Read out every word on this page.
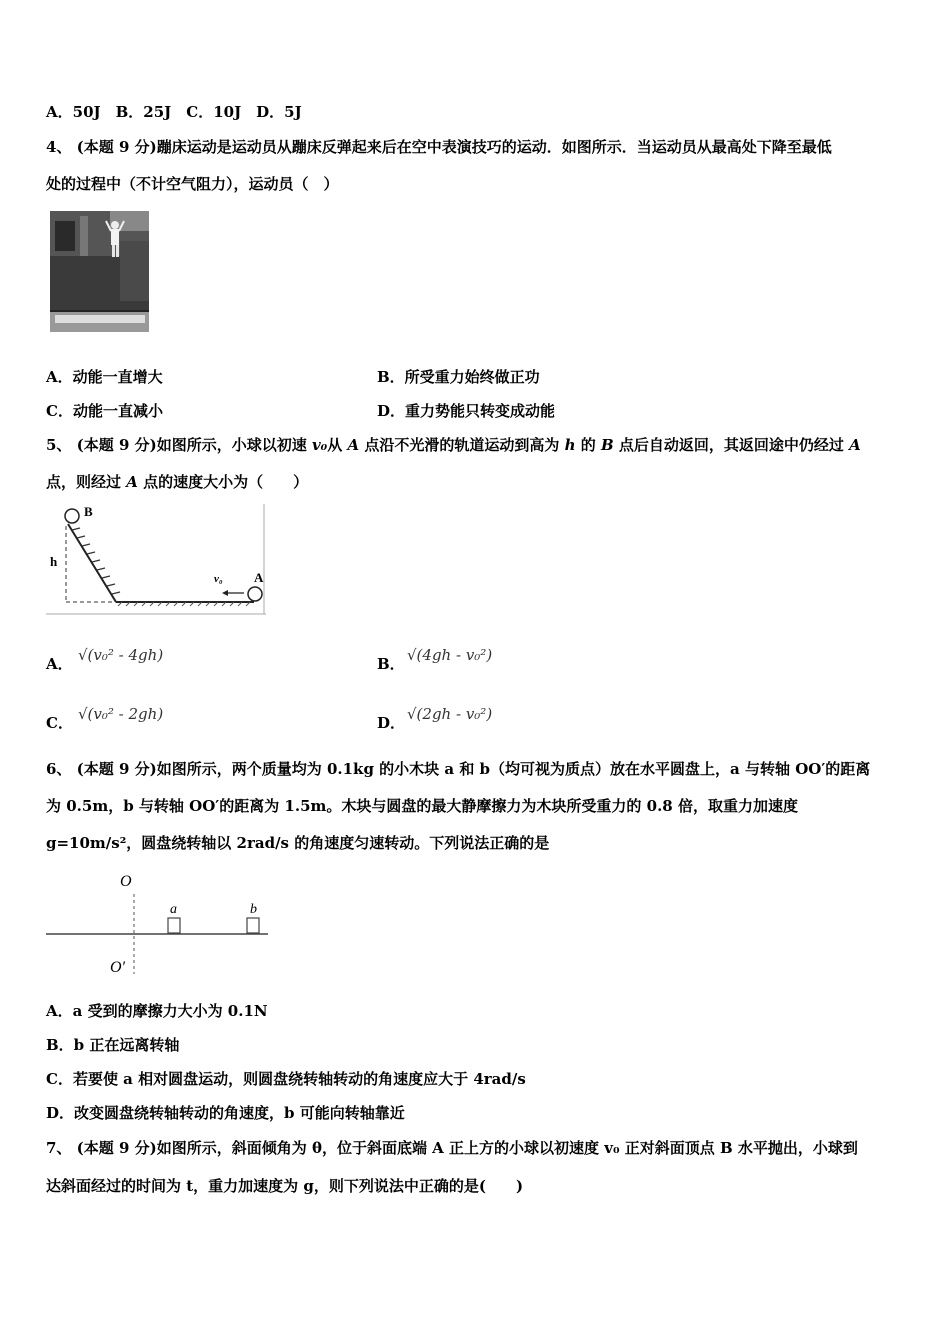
A．50J　B．25J　C．10J　D．5J
4、 (本题 9 分)蹦床运动是运动员从蹦床反弹起来后在空中表演技巧的运动．如图所示．当运动员从最高处下降至最低
处的过程中（不计空气阻力），运动员（　）
A．动能一直增大	B．所受重力始终做正功
C．动能一直减小	D．重力势能只转变成动能
5、 (本题 9 分)如图所示，小球以初速 v₀从 A 点沿不光滑的轨道运动到高为 h 的 B 点后自动返回，其返回途中仍经过 A
点，则经过 A 点的速度大小为（　　）
B
h
A
v₀
A． √(v₀² - 4gh)	B． √(4gh - v₀²)
C． √(v₀² - 2gh)	D． √(2gh - v₀²)
6、 (本题 9 分)如图所示，两个质量均为 0.1kg 的小木块 a 和 b（均可视为质点）放在水平圆盘上，a 与转轴 OO′的距离
为 0.5m，b 与转轴 OO′的距离为 1.5m。木块与圆盘的最大静摩擦力为木块所受重力的 0.8 倍，取重力加速度
g=10m/s²，圆盘绕转轴以 2rad/s 的角速度匀速转动。下列说法正确的是
O
O′
a	b
A．a 受到的摩擦力大小为 0.1N
B．b 正在远离转轴
C．若要使 a 相对圆盘运动，则圆盘绕转轴转动的角速度应大于 4rad/s
D．改变圆盘绕转轴转动的角速度，b 可能向转轴靠近
7、 (本题 9 分)如图所示，斜面倾角为 θ，位于斜面底端 A 正上方的小球以初速度 v₀ 正对斜面顶点 B 水平抛出，小球到
达斜面经过的时间为 t，重力加速度为 g，则下列说法中正确的是(　　)
